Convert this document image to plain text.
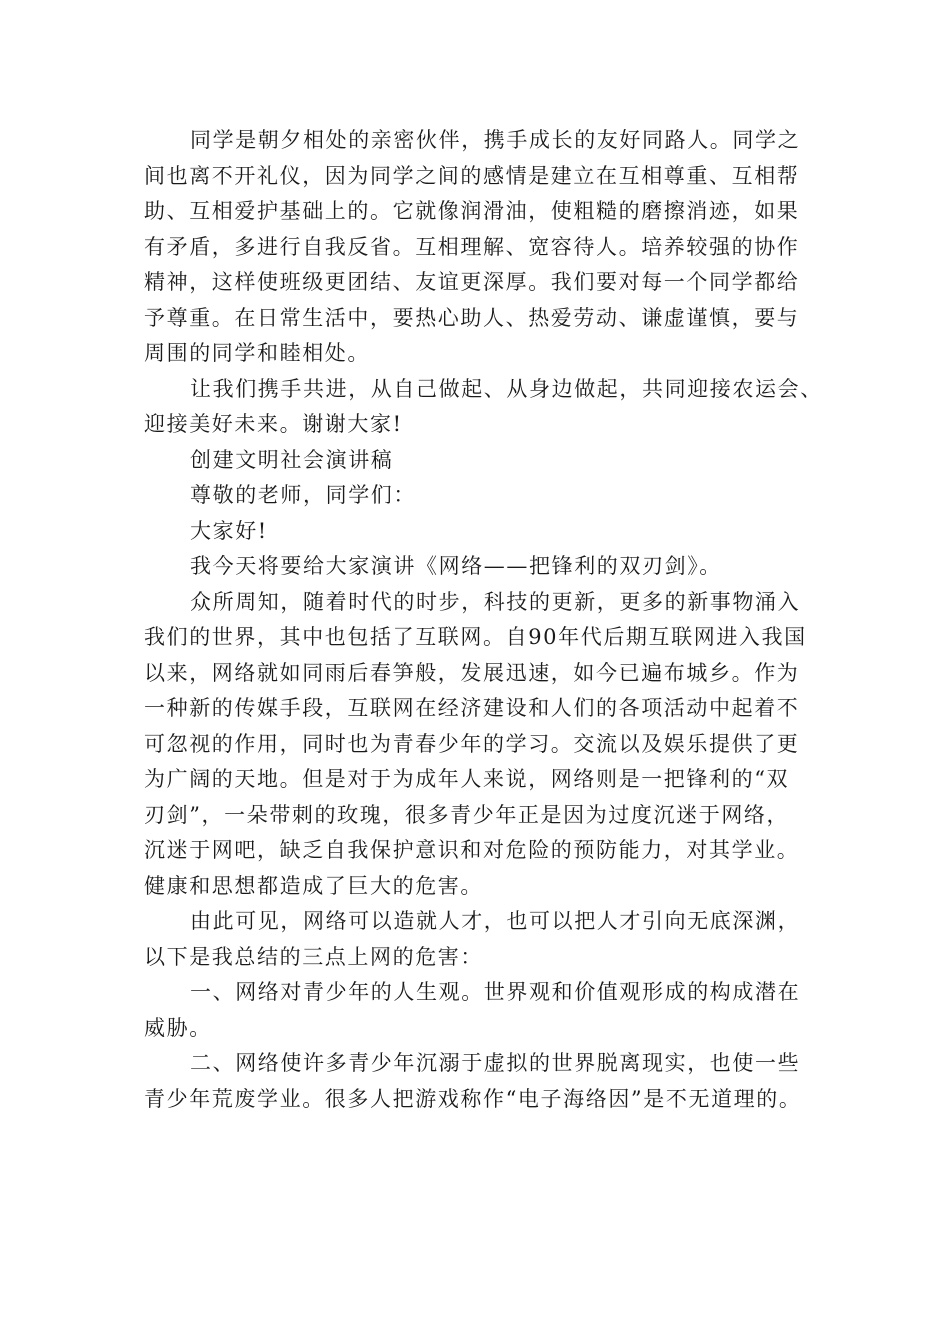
同学是朝夕相处的亲密伙伴，携手成长的友好同路人。同学之
间也离不开礼仪，因为同学之间的感情是建立在互相尊重、互相帮
助、互相爱护基础上的。它就像润滑油，使粗糙的磨擦消迹，如果
有矛盾，多进行自我反省。互相理解、宽容待人。培养较强的协作
精神，这样使班级更团结、友谊更深厚。我们要对每一个同学都给
予尊重。在日常生活中，要热心助人、热爱劳动、谦虚谨慎，要与
周围的同学和睦相处。
让我们携手共进，从自己做起、从身边做起，共同迎接农运会、
迎接美好未来。谢谢大家!
创建文明社会演讲稿
尊敬的老师，同学们：
大家好!
我今天将要给大家演讲《网络——把锋利的双刃剑》。
众所周知，随着时代的时步，科技的更新，更多的新事物涌入
我们的世界，其中也包括了互联网。自90年代后期互联网进入我国
以来，网络就如同雨后春笋般，发展迅速，如今已遍布城乡。作为
一种新的传媒手段，互联网在经济建设和人们的各项活动中起着不
可忽视的作用，同时也为青春少年的学习。交流以及娱乐提供了更
为广阔的天地。但是对于为成年人来说，网络则是一把锋利的“双
刃剑”，一朵带刺的玫瑰，很多青少年正是因为过度沉迷于网络，
沉迷于网吧，缺乏自我保护意识和对危险的预防能力，对其学业。
健康和思想都造成了巨大的危害。
由此可见，网络可以造就人才，也可以把人才引向无底深渊，
以下是我总结的三点上网的危害：
一、网络对青少年的人生观。世界观和价值观形成的构成潜在
威胁。
二、网络使许多青少年沉溺于虚拟的世界脱离现实，也使一些
青少年荒废学业。很多人把游戏称作“电子海络因”是不无道理的。
